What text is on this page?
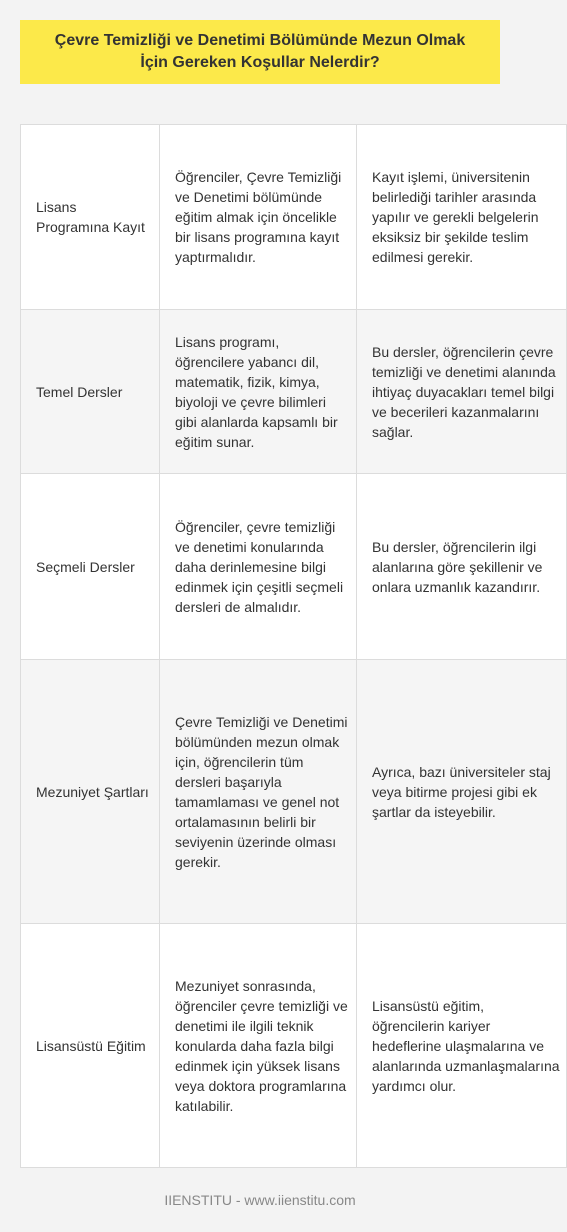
Çevre Temizliği ve Denetimi Bölümünde Mezun Olmak İçin Gereken Koşullar Nelerdir?
Lisans Programına Kayıt	Öğrenciler, Çevre Temizliği ve Denetimi bölümünde eğitim almak için öncelikle bir lisans programına kayıt yaptırmalıdır.	Kayıt işlemi, üniversitenin belirlediği tarihler arasında yapılır ve gerekli belgelerin eksiksiz bir şekilde teslim edilmesi gerekir.

Temel Dersler	Lisans programı, öğrencilere yabancı dil, matematik, fizik, kimya, biyoloji ve çevre bilimleri gibi alanlarda kapsamlı bir eğitim sunar.	Bu dersler, öğrencilerin çevre temizliği ve denetimi alanında ihtiyaç duyacakları temel bilgi ve becerileri kazanmalarını sağlar.

Seçmeli Dersler	Öğrenciler, çevre temizliği ve denetimi konularında daha derinlemesine bilgi edinmek için çeşitli seçmeli dersleri de almalıdır.	Bu dersler, öğrencilerin ilgi alanlarına göre şekillenir ve onlara uzmanlık kazandırır.

Mezuniyet Şartları	Çevre Temizliği ve Denetimi bölümünden mezun olmak için, öğrencilerin tüm dersleri başarıyla tamamlaması ve genel not ortalamasının belirli bir seviyenin üzerinde olması gerekir.	Ayrıca, bazı üniversiteler staj veya bitirme projesi gibi ek şartlar da isteyebilir.

Lisansüstü Eğitim	Mezuniyet sonrasında, öğrenciler çevre temizliği ve denetimi ile ilgili teknik konularda daha fazla bilgi edinmek için yüksek lisans veya doktora programlarına katılabilir.	Lisansüstü eğitim, öğrencilerin kariyer hedeflerine ulaşmalarına ve alanlarında uzmanlaşmalarına yardımcı olur.
IIENSTITU - www.iienstitu.com
